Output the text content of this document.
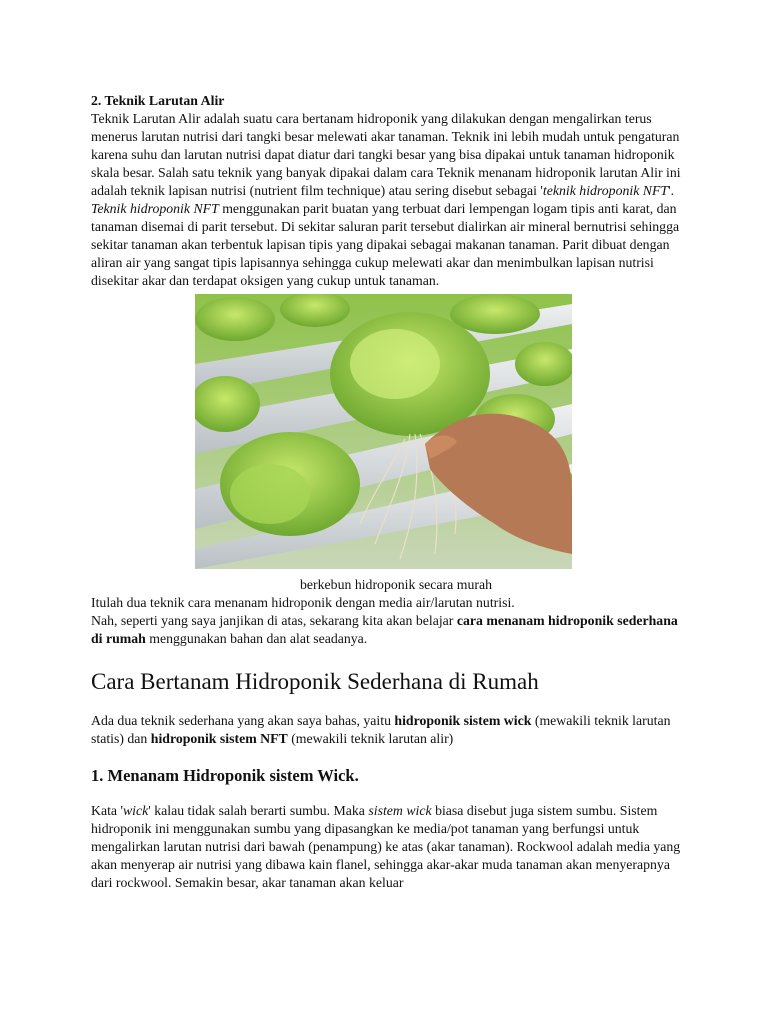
2. Teknik Larutan Alir

Teknik Larutan Alir adalah suatu cara bertanam hidroponik yang dilakukan dengan mengalirkan terus menerus larutan nutrisi dari tangki besar melewati akar tanaman. Teknik ini lebih mudah untuk pengaturan karena suhu dan larutan nutrisi dapat diatur dari tangki besar yang bisa dipakai untuk tanaman hidroponik skala besar. Salah satu teknik yang banyak dipakai dalam cara Teknik menanam hidroponik larutan Alir ini adalah teknik lapisan nutrisi (nutrient film technique) atau sering disebut sebagai 'teknik hidroponik NFT'.

Teknik hidroponik NFT menggunakan parit buatan yang terbuat dari lempengan logam tipis anti karat, dan tanaman disemai di parit tersebut. Di sekitar saluran parit tersebut dialirkan air mineral bernutrisi sehingga sekitar tanaman akan terbentuk lapisan tipis yang dipakai sebagai makanan tanaman. Parit dibuat dengan aliran air yang sangat tipis lapisannya sehingga cukup melewati akar dan menimbulkan lapisan nutrisi disekitar akar dan terdapat oksigen yang cukup untuk tanaman.

berkebun hidroponik secara murah

Itulah dua teknik cara menanam hidroponik dengan media air/larutan nutrisi.

Nah, seperti yang saya janjikan di atas, sekarang kita akan belajar cara menanam hidroponik sederhana di rumah menggunakan bahan dan alat seadanya.

Cara Bertanam Hidroponik Sederhana di Rumah

Ada dua teknik sederhana yang akan saya bahas, yaitu hidroponik sistem wick (mewakili teknik larutan statis) dan hidroponik sistem NFT (mewakili teknik larutan alir)

1. Menanam Hidroponik sistem Wick.

Kata 'wick' kalau tidak salah berarti sumbu. Maka sistem wick biasa disebut juga sistem sumbu. Sistem hidroponik ini menggunakan sumbu yang dipasangkan ke media/pot tanaman yang berfungsi untuk mengalirkan larutan nutrisi dari bawah (penampung) ke atas (akar tanaman). Rockwool adalah media yang akan menyerap air nutrisi yang dibawa kain flanel, sehingga akar-akar muda tanaman akan menyerapnya dari rockwool. Semakin besar, akar tanaman akan keluar
